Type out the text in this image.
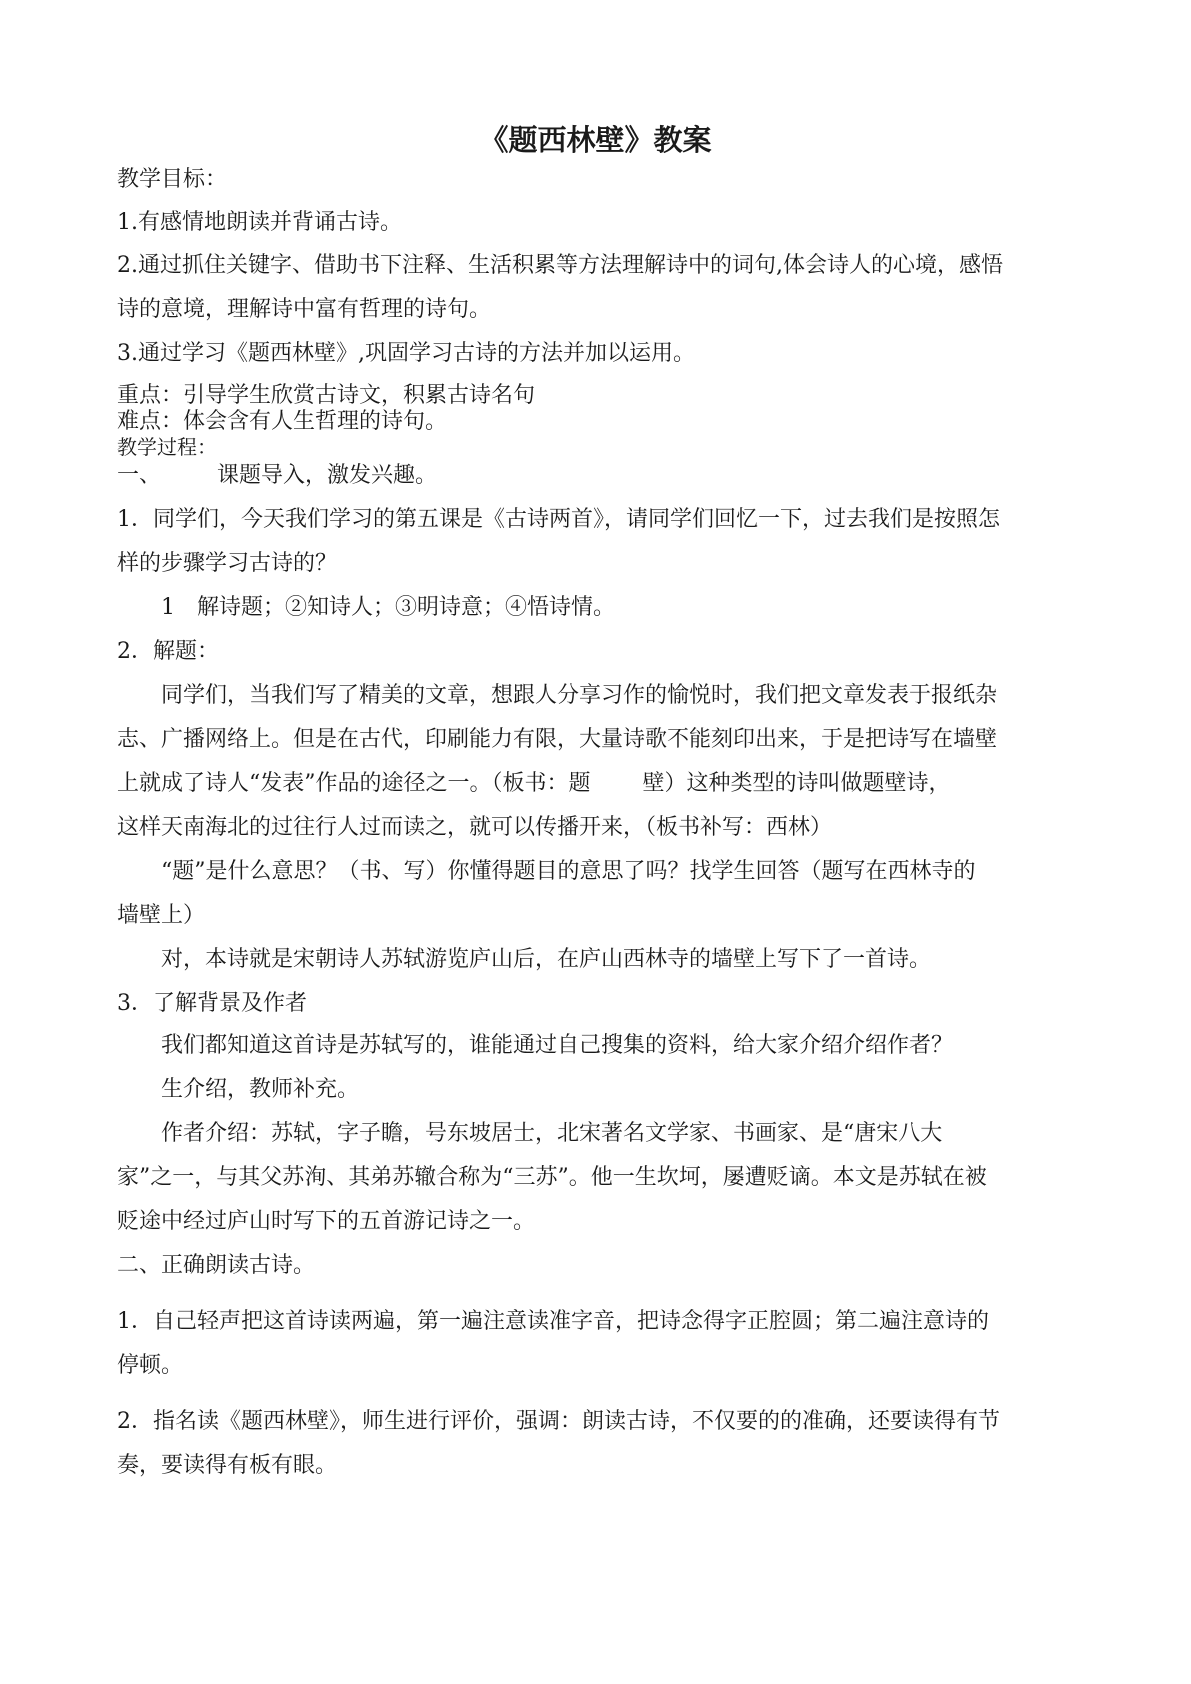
《题西林壁》教案
教学目标：
1.有感情地朗读并背诵古诗。
2.通过抓住关键字、借助书下注释、生活积累等方法理解诗中的词句,体会诗人的心境，感悟
诗的意境，理解诗中富有哲理的诗句。
3.通过学习《题西林壁》,巩固学习古诗的方法并加以运用。
重点：引导学生欣赏古诗文，积累古诗名句
难点：体会含有人生哲理的诗句。
教学过程：
一、	课题导入，激发兴趣。
1．同学们，今天我们学习的第五课是《古诗两首》，请同学们回忆一下，过去我们是按照怎
样的步骤学习古诗的？
1 解诗题；②知诗人；③明诗意；④悟诗情。
2．解题：
同学们，当我们写了精美的文章，想跟人分享习作的愉悦时，我们把文章发表于报纸杂
志、广播网络上。但是在古代，印刷能力有限，大量诗歌不能刻印出来，于是把诗写在墙壁
上就成了诗人“发表”作品的途径之一。（板书：题 壁）这种类型的诗叫做题壁诗，
这样天南海北的过往行人过而读之，就可以传播开来，（板书补写：西林）
“题”是什么意思？（书、写）你懂得题目的意思了吗？找学生回答（题写在西林寺的
墙壁上）
对，本诗就是宋朝诗人苏轼游览庐山后，在庐山西林寺的墙壁上写下了一首诗。
3．了解背景及作者
我们都知道这首诗是苏轼写的，谁能通过自己搜集的资料，给大家介绍介绍作者？
生介绍，教师补充。
作者介绍：苏轼，字子瞻，号东坡居士，北宋著名文学家、书画家、是“唐宋八大
家”之一，与其父苏洵、其弟苏辙合称为“三苏”。他一生坎坷，屡遭贬谪。本文是苏轼在被
贬途中经过庐山时写下的五首游记诗之一。
二、正确朗读古诗。
1．自己轻声把这首诗读两遍，第一遍注意读准字音，把诗念得字正腔圆；第二遍注意诗的
停顿。
2．指名读《题西林壁》，师生进行评价，强调：朗读古诗，不仅要的的准确，还要读得有节
奏，要读得有板有眼。
